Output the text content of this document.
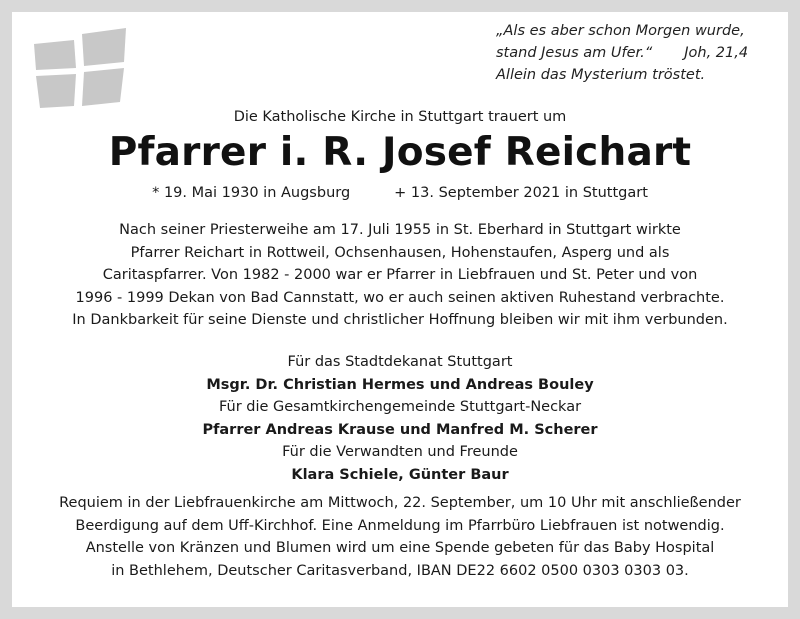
„Als es aber schon Morgen wurde,
stand Jesus am Ufer.“ Joh, 21,4
Allein das Mysterium tröstet.
Die Katholische Kirche in Stuttgart trauert um
Pfarrer i. R. Josef Reichart
* 19. Mai 1930 in Augsburg	+ 13. September 2021 in Stuttgart

Nach seiner Priesterweihe am 17. Juli 1955 in St. Eberhard in Stuttgart wirkte

Pfarrer Reichart in Rottweil, Ochsenhausen, Hohenstaufen, Asperg und als

Caritaspfarrer. Von 1982 - 2000 war er Pfarrer in Liebfrauen und St. Peter und von

1996 - 1999 Dekan von Bad Cannstatt, wo er auch seinen aktiven Ruhestand verbrachte.

In Dankbarkeit für seine Dienste und christlicher Hoffnung bleiben wir mit ihm verbunden.

Für das Stadtdekanat Stuttgart

Msgr. Dr. Christian Hermes und Andreas Bouley

Für die Gesamtkirchengemeinde Stuttgart-Neckar

Pfarrer Andreas Krause und Manfred M. Scherer

Für die Verwandten und Freunde

Klara Schiele, Günter Baur

Requiem in der Liebfrauenkirche am Mittwoch, 22. September, um 10 Uhr mit anschließender

Beerdigung auf dem Uff-Kirchhof. Eine Anmeldung im Pfarrbüro Liebfrauen ist notwendig.

Anstelle von Kränzen und Blumen wird um eine Spende gebeten für das Baby Hospital

in Bethlehem, Deutscher Caritasverband, IBAN DE22 6602 0500 0303 0303 03.
